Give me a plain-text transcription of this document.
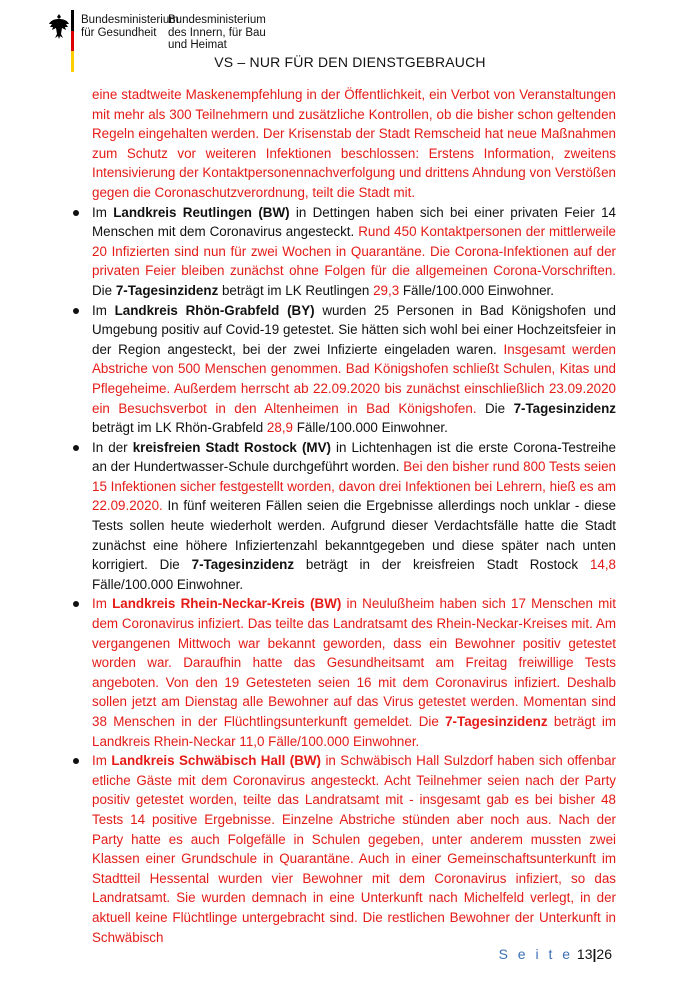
Bundesministerium
für Gesundheit
Bundesministerium
des Innern, für Bau
und Heimat
VS – NUR FÜR DEN DIENSTGEBRAUCH

eine stadtweite Maskenempfehlung in der Öffentlichkeit, ein Verbot von Veranstaltungen mit mehr als 300 Teilnehmern und zusätzliche Kontrollen, ob die bisher schon geltenden Regeln eingehalten werden. Der Krisenstab der Stadt Remscheid hat neue Maßnahmen zum Schutz vor weiteren Infektionen beschlossen: Erstens Information, zweitens Intensivierung der Kontaktpersonennachverfolgung und drittens Ahndung von Verstößen gegen die Coronaschutzverordnung, teilt die Stadt mit.

Im Landkreis Reutlingen (BW) in Dettingen haben sich bei einer privaten Feier 14 Menschen mit dem Coronavirus angesteckt. Rund 450 Kontaktpersonen der mittlerweile 20 Infizierten sind nun für zwei Wochen in Quarantäne. Die Corona-Infektionen auf der privaten Feier bleiben zunächst ohne Folgen für die allgemeinen Corona-Vorschriften. Die 7-Tagesinzidenz beträgt im LK Reutlingen 29,3 Fälle/100.000 Einwohner.
Im Landkreis Rhön-Grabfeld (BY) wurden 25 Personen in Bad Königshofen und Umgebung positiv auf Covid-19 getestet. Sie hätten sich wohl bei einer Hochzeitsfeier in der Region angesteckt, bei der zwei Infizierte eingeladen waren. Insgesamt werden Abstriche von 500 Menschen genommen. Bad Königshofen schließt Schulen, Kitas und Pflegeheime. Außerdem herrscht ab 22.09.2020 bis zunächst einschließlich 23.09.2020 ein Besuchsverbot in den Altenheimen in Bad Königshofen. Die 7-Tagesinzidenz beträgt im LK Rhön-Grabfeld 28,9 Fälle/100.000 Einwohner.
In der kreisfreien Stadt Rostock (MV) in Lichtenhagen ist die erste Corona-Testreihe an der Hundertwasser-Schule durchgeführt worden. Bei den bisher rund 800 Tests seien 15 Infektionen sicher festgestellt worden, davon drei Infektionen bei Lehrern, hieß es am 22.09.2020. In fünf weiteren Fällen seien die Ergebnisse allerdings noch unklar - diese Tests sollen heute wiederholt werden. Aufgrund dieser Verdachtsfälle hatte die Stadt zunächst eine höhere Infiziertenzahl bekanntgegeben und diese später nach unten korrigiert. Die 7-Tagesinzidenz beträgt in der kreisfreien Stadt Rostock 14,8 Fälle/100.000 Einwohner.
Im Landkreis Rhein-Neckar-Kreis (BW) in Neulußheim haben sich 17 Menschen mit dem Coronavirus infiziert. Das teilte das Landratsamt des Rhein-Neckar-Kreises mit. Am vergangenen Mittwoch war bekannt geworden, dass ein Bewohner positiv getestet worden war. Daraufhin hatte das Gesundheitsamt am Freitag freiwillige Tests angeboten. Von den 19 Getesteten seien 16 mit dem Coronavirus infiziert. Deshalb sollen jetzt am Dienstag alle Bewohner auf das Virus getestet werden. Momentan sind 38 Menschen in der Flüchtlingsunterkunft gemeldet. Die 7-Tagesinzidenz beträgt im Landkreis Rhein-Neckar 11,0 Fälle/100.000 Einwohner.
Im Landkreis Schwäbisch Hall (BW) in Schwäbisch Hall Sulzdorf haben sich offenbar etliche Gäste mit dem Coronavirus angesteckt. Acht Teilnehmer seien nach der Party positiv getestet worden, teilte das Landratsamt mit - insgesamt gab es bei bisher 48 Tests 14 positive Ergebnisse. Einzelne Abstriche stünden aber noch aus. Nach der Party hatte es auch Folgefälle in Schulen gegeben, unter anderem mussten zwei Klassen einer Grundschule in Quarantäne. Auch in einer Gemeinschaftsunterkunft im Stadtteil Hessental wurden vier Bewohner mit dem Coronavirus infiziert, so das Landratsamt. Sie wurden demnach in eine Unterkunft nach Michelfeld verlegt, in der aktuell keine Flüchtlinge untergebracht sind. Die restlichen Bewohner der Unterkunft in Schwäbisch
S e i t e 13|26
